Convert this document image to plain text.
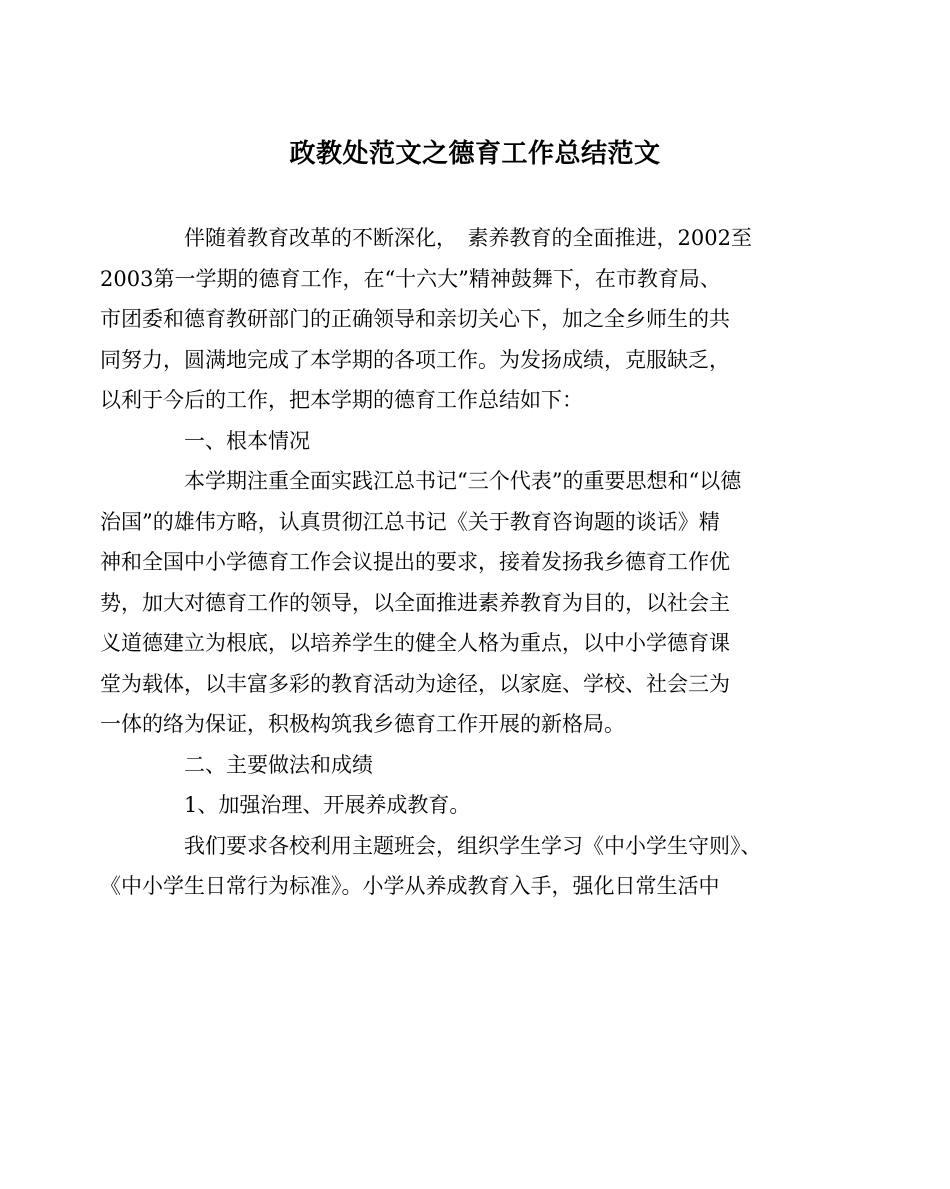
政教处范文之德育工作总结范文

伴随着教育改革的不断深化，　素养教育的全面推进，2002至
2003第一学期的德育工作，在“十六大”精神鼓舞下，在市教育局、
市团委和德育教研部门的正确领导和亲切关心下，加之全乡师生的共
同努力，圆满地完成了本学期的各项工作。为发扬成绩，克服缺乏，
以利于今后的工作，把本学期的德育工作总结如下：

一、根本情况

本学期注重全面实践江总书记“三个代表”的重要思想和“以德
治国”的雄伟方略，认真贯彻江总书记《关于教育咨询题的谈话》精
神和全国中小学德育工作会议提出的要求，接着发扬我乡德育工作优
势，加大对德育工作的领导，以全面推进素养教育为目的，以社会主
义道德建立为根底，以培养学生的健全人格为重点，以中小学德育课
堂为载体，以丰富多彩的教育活动为途径，以家庭、学校、社会三为
一体的络为保证，积极构筑我乡德育工作开展的新格局。

二、主要做法和成绩

1、加强治理、开展养成教育。

我们要求各校利用主题班会，组织学生学习《中小学生守则》、
《中小学生日常行为标准》。小学从养成教育入手，强化日常生活中
